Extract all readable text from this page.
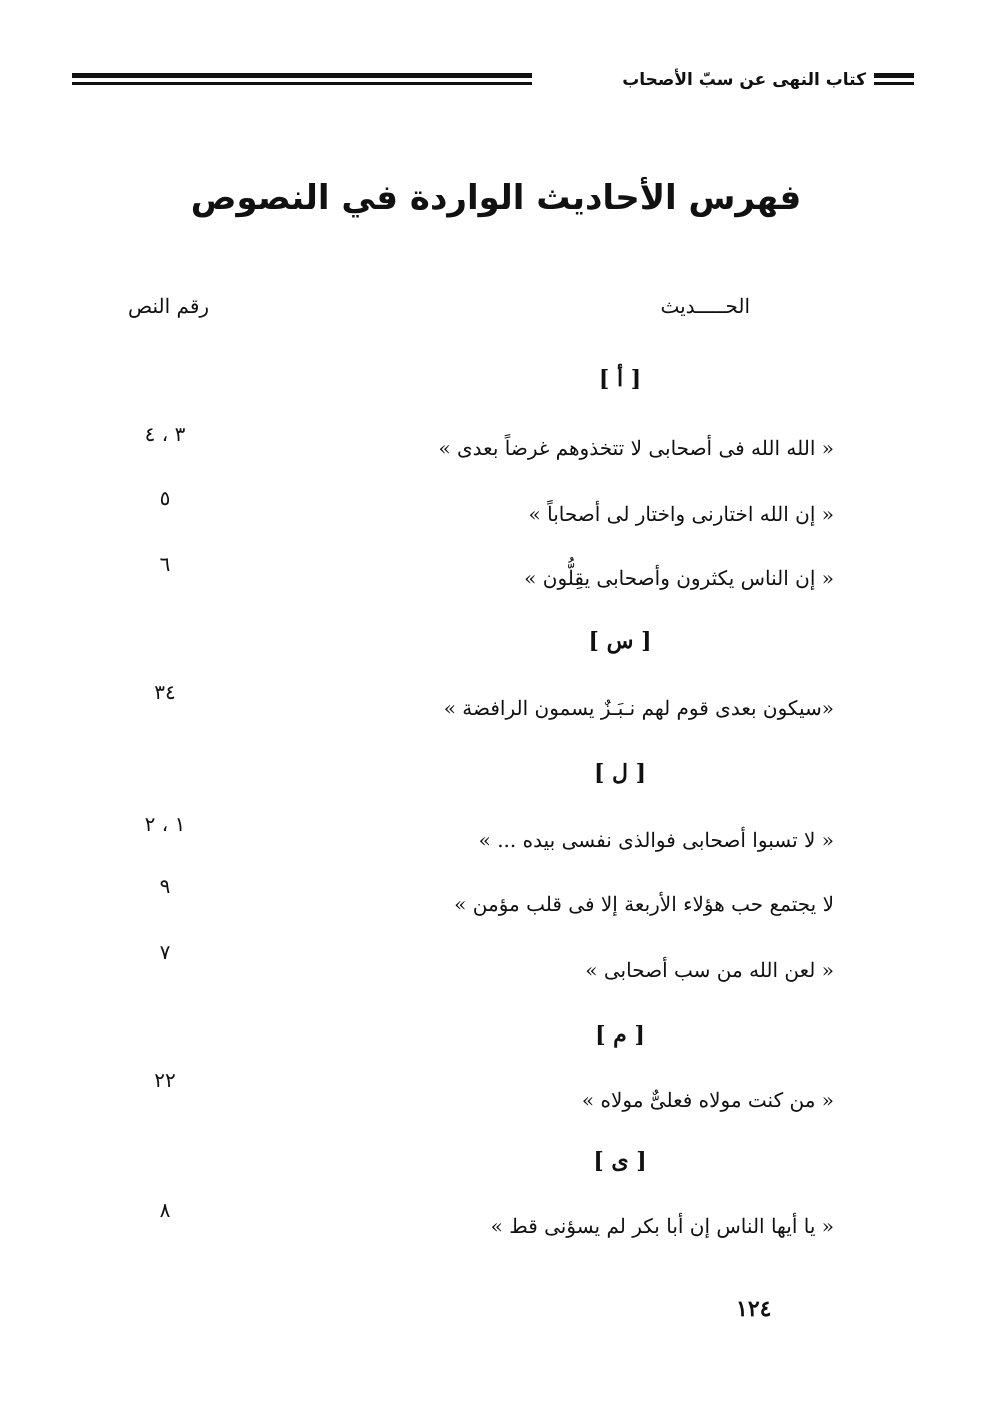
كتاب النهى عن سبّ الأصحاب
فهرس الأحاديث الواردة في النصوص
الحـــــديث
رقم النص
[ أ ]
« الله الله فى أصحابى لا تتخذوهم غرضاً بعدى »
٣ ، ٤
« إن الله اختارنى واختار لى أصحاباً »
٥
« إن الناس يكثرون وأصحابى يقِلُّون »
٦
[ س ]
«سيكون بعدى قوم لهم نـبَـزٌ يسمون الرافضة »
٣٤
[ ل ]
« لا تسبوا أصحابى فوالذى نفسى بيده ... »
١ ، ٢
لا يجتمع حب هؤلاء الأربعة إلا فى قلب مؤمن »
٩
« لعن الله من سب أصحابى »
٧
[ م ]
« من كنت مولاه فعلىٌّ مولاه »
٢٢
[ ى ]
« يا أيها الناس إن أبا بكر لم يسؤنى قط »
٨
١٢٤
